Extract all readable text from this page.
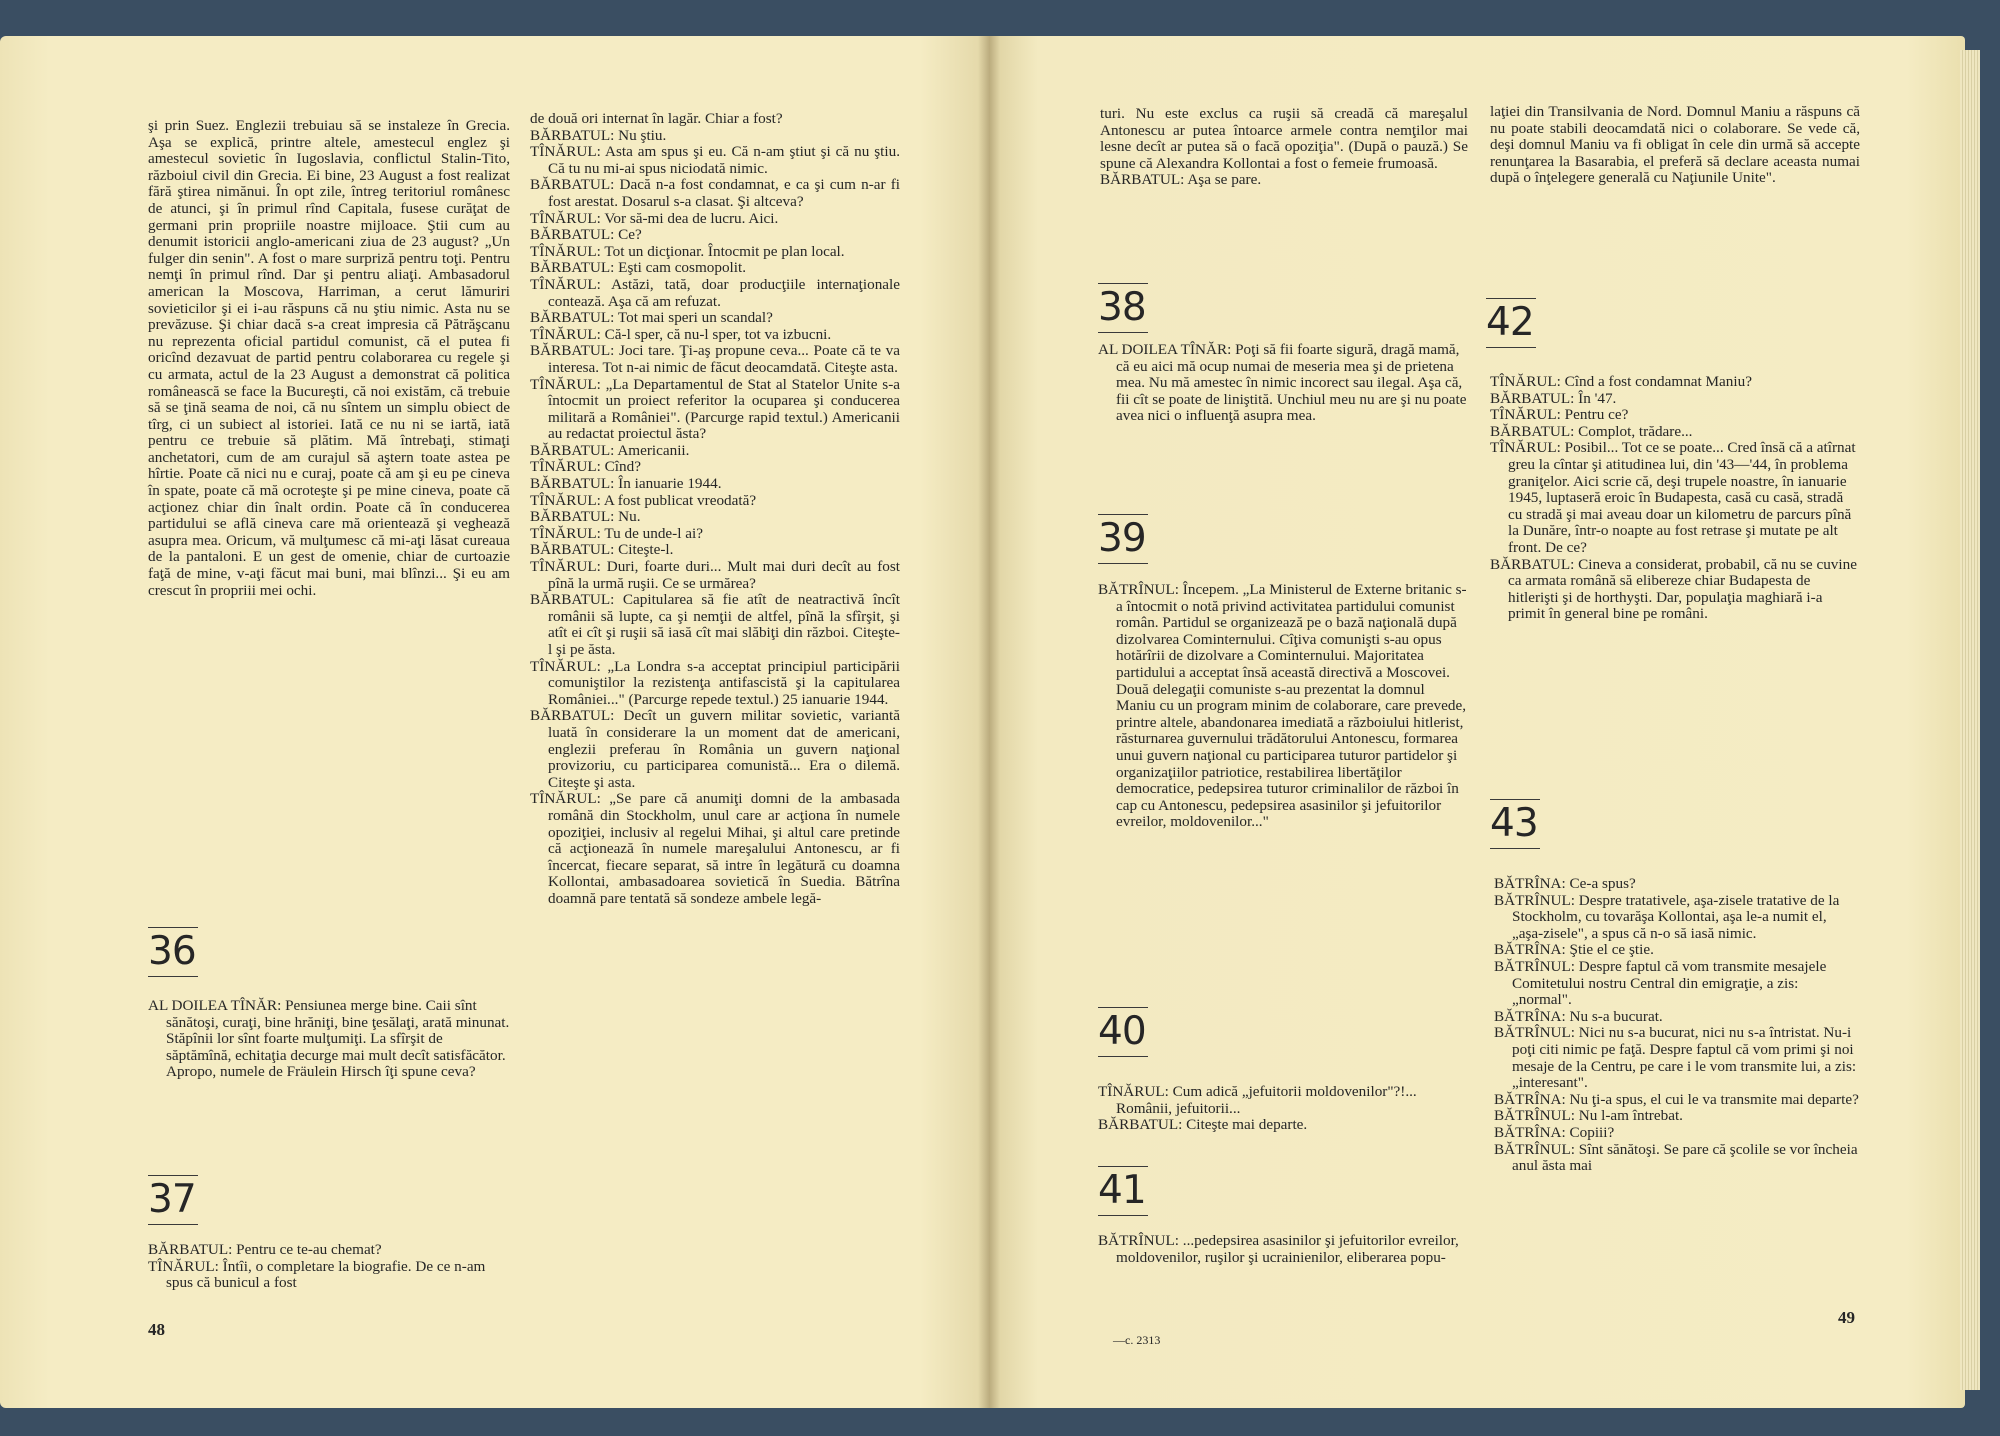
şi prin Suez. Englezii trebuiau să se instaleze în Grecia. Aşa se explică, printre altele, amestecul englez şi amestecul sovietic în Iugoslavia, conflictul Stalin-Tito, războiul civil din Grecia. Ei bine, 23 August a fost realizat fără ştirea nimănui. În opt zile, întreg teritoriul românesc de atunci, şi în primul rînd Capitala, fusese curăţat de germani prin propriile noastre mijloace. Ştii cum au denumit istoricii anglo-americani ziua de 23 august? „Un fulger din senin". A fost o mare surpriză pentru toţi. Pentru nemţi în primul rînd. Dar şi pentru aliaţi. Ambasadorul american la Moscova, Harriman, a cerut lămuriri sovieticilor şi ei i-au răspuns că nu ştiu nimic. Asta nu se prevăzuse. Şi chiar dacă s-a creat impresia că Pătrăşcanu nu reprezenta oficial partidul comunist, că el putea fi oricînd dezavuat de partid pentru colaborarea cu regele şi cu armata, actul de la 23 August a demonstrat că politica românească se face la Bucureşti, că noi existăm, că trebuie să se ţină seama de noi, că nu sîntem un simplu obiect de tîrg, ci un subiect al istoriei. Iată ce nu ni se iartă, iată pentru ce trebuie să plătim. Mă întrebaţi, stimaţi anchetatori, cum de am curajul să aştern toate astea pe hîrtie. Poate că nici nu e curaj, poate că am şi eu pe cineva în spate, poate că mă ocroteşte şi pe mine cineva, poate că acţionez chiar din înalt ordin. Poate că în conducerea partidului se află cineva care mă orientează şi veghează asupra mea. Oricum, vă mulţumesc că mi-aţi lăsat cureaua de la pantaloni. E un gest de omenie, chiar de curtoazie faţă de mine, v-aţi făcut mai buni, mai blînzi... Şi eu am crescut în propriii mei ochi.

36

AL DOILEA TÎNĂR: Pensiunea merge bine. Caii sînt sănătoşi, curaţi, bine hrăniţi, bine ţesălaţi, arată minunat. Stăpînii lor sînt foarte mulţumiţi. La sfîrşit de săptămînă, echitaţia decurge mai mult decît satisfăcător. Apropo, numele de Fräulein Hirsch îţi spune ceva?

37

BĂRBATUL: Pentru ce te-au chemat?

TÎNĂRUL: Întîi, o completare la biografie. De ce n-am spus că bunicul a fost

de două ori internat în lagăr. Chiar a fost?

BĂRBATUL: Nu ştiu.

TÎNĂRUL: Asta am spus şi eu. Că n-am ştiut şi că nu ştiu. Că tu nu mi-ai spus niciodată nimic.

BĂRBATUL: Dacă n-a fost condamnat, e ca şi cum n-ar fi fost arestat. Dosarul s-a clasat. Şi altceva?

TÎNĂRUL: Vor să-mi dea de lucru. Aici.

BĂRBATUL: Ce?

TÎNĂRUL: Tot un dicţionar. Întocmit pe plan local.

BĂRBATUL: Eşti cam cosmopolit.

TÎNĂRUL: Astăzi, tată, doar producţiile internaţionale contează. Aşa că am refuzat.

BĂRBATUL: Tot mai speri un scandal?

TÎNĂRUL: Că-l sper, că nu-l sper, tot va izbucni.

BĂRBATUL: Joci tare. Ţi-aş propune ceva... Poate că te va interesa. Tot n-ai nimic de făcut deocamdată. Citeşte asta.

TÎNĂRUL: „La Departamentul de Stat al Statelor Unite s-a întocmit un proiect referitor la ocuparea şi conducerea militară a României". (Parcurge rapid textul.) Americanii au redactat proiectul ăsta?

BĂRBATUL: Americanii.

TÎNĂRUL: Cînd?

BĂRBATUL: În ianuarie 1944.

TÎNĂRUL: A fost publicat vreodată?

BĂRBATUL: Nu.

TÎNĂRUL: Tu de unde-l ai?

BĂRBATUL: Citeşte-l.

TÎNĂRUL: Duri, foarte duri... Mult mai duri decît au fost pînă la urmă ruşii. Ce se urmărea?

BĂRBATUL: Capitularea să fie atît de neatractivă încît românii să lupte, ca şi nemţii de altfel, pînă la sfîrşit, şi atît ei cît şi ruşii să iasă cît mai slăbiţi din război. Citeşte-l şi pe ăsta.

TÎNĂRUL: „La Londra s-a acceptat principiul participării comuniştilor la rezistenţa antifascistă şi la capitularea României..." (Parcurge repede textul.) 25 ianuarie 1944.

BĂRBATUL: Decît un guvern militar sovietic, variantă luată în considerare la un moment dat de americani, englezii preferau în România un guvern naţional provizoriu, cu participarea comunistă... Era o dilemă. Citeşte şi asta.

TÎNĂRUL: „Se pare că anumiţi domni de la ambasada română din Stockholm, unul care ar acţiona în numele opoziţiei, inclusiv al regelui Mihai, şi altul care pretinde că acţionează în numele mareşalului Antonescu, ar fi încercat, fiecare separat, să intre în legătură cu doamna Kollontai, ambasadoarea sovietică în Suedia. Bătrîna doamnă pare tentată să sondeze ambele legă-

48

turi. Nu este exclus ca ruşii să creadă că mareşalul Antonescu ar putea întoarce armele contra nemţilor mai lesne decît ar putea să o facă opoziţia". (După o pauză.) Se spune că Alexandra Kollontai a fost o femeie frumoasă.

BĂRBATUL: Aşa se pare.

38

AL DOILEA TÎNĂR: Poţi să fii foarte sigură, dragă mamă, că eu aici mă ocup numai de meseria mea şi de prietena mea. Nu mă amestec în nimic incorect sau ilegal. Aşa că, fii cît se poate de liniştită. Unchiul meu nu are şi nu poate avea nici o influenţă asupra mea.

39

BĂTRÎNUL: Începem. „La Ministerul de Externe britanic s-a întocmit o notă privind activitatea partidului comunist român. Partidul se organizează pe o bază naţională după dizolvarea Cominternului. Cîţiva comunişti s-au opus hotărîrii de dizolvare a Cominternului. Majoritatea partidului a acceptat însă această directivă a Moscovei. Două delegaţii comuniste s-au prezentat la domnul Maniu cu un program minim de colaborare, care prevede, printre altele, abandonarea imediată a războiului hitlerist, răsturnarea guvernului trădătorului Antonescu, formarea unui guvern naţional cu participarea tuturor partidelor şi organizaţiilor patriotice, restabilirea libertăţilor democratice, pedepsirea tuturor criminalilor de război în cap cu Antonescu, pedepsirea asasinilor şi jefuitorilor evreilor, moldovenilor..."

40

TÎNĂRUL: Cum adică „jefuitorii moldovenilor"?!... Românii, jefuitorii...

BĂRBATUL: Citeşte mai departe.

41

BĂTRÎNUL: ...pedepsirea asasinilor şi jefuitorilor evreilor, moldovenilor, ruşilor şi ucrainienilor, eliberarea popu-

laţiei din Transilvania de Nord. Domnul Maniu a răspuns că nu poate stabili deocamdată nici o colaborare. Se vede că, deşi domnul Maniu va fi obligat în cele din urmă să accepte renunţarea la Basarabia, el preferă să declare aceasta numai după o înţelegere generală cu Naţiunile Unite".

42

TÎNĂRUL: Cînd a fost condamnat Maniu?

BĂRBATUL: În '47.

TÎNĂRUL: Pentru ce?

BĂRBATUL: Complot, trădare...

TÎNĂRUL: Posibil... Tot ce se poate... Cred însă că a atîrnat greu la cîntar şi atitudinea lui, din '43—'44, în problema graniţelor. Aici scrie că, deşi trupele noastre, în ianuarie 1945, luptaseră eroic în Budapesta, casă cu casă, stradă cu stradă şi mai aveau doar un kilometru de parcurs pînă la Dunăre, într-o noapte au fost retrase şi mutate pe alt front. De ce?

BĂRBATUL: Cineva a considerat, probabil, că nu se cuvine ca armata română să elibereze chiar Budapesta de hitlerişti şi de horthyşti. Dar, populaţia maghiară i-a primit în general bine pe români.

43

BĂTRÎNA: Ce-a spus?

BĂTRÎNUL: Despre tratativele, aşa-zisele tratative de la Stockholm, cu tovarăşa Kollontai, aşa le-a numit el, „aşa-zisele", a spus că n-o să iasă nimic.

BĂTRÎNA: Ştie el ce ştie.

BĂTRÎNUL: Despre faptul că vom transmite mesajele Comitetului nostru Central din emigraţie, a zis: „normal".

BĂTRÎNA: Nu s-a bucurat.

BĂTRÎNUL: Nici nu s-a bucurat, nici nu s-a întristat. Nu-i poţi citi nimic pe faţă. Despre faptul că vom primi şi noi mesaje de la Centru, pe care i le vom transmite lui, a zis: „interesant".

BĂTRÎNA: Nu ţi-a spus, el cui le va transmite mai departe?

BĂTRÎNUL: Nu l-am întrebat.

BĂTRÎNA: Copiii?

BĂTRÎNUL: Sînt sănătoşi. Se pare că şcolile se vor încheia anul ăsta mai

—c. 2313
49
